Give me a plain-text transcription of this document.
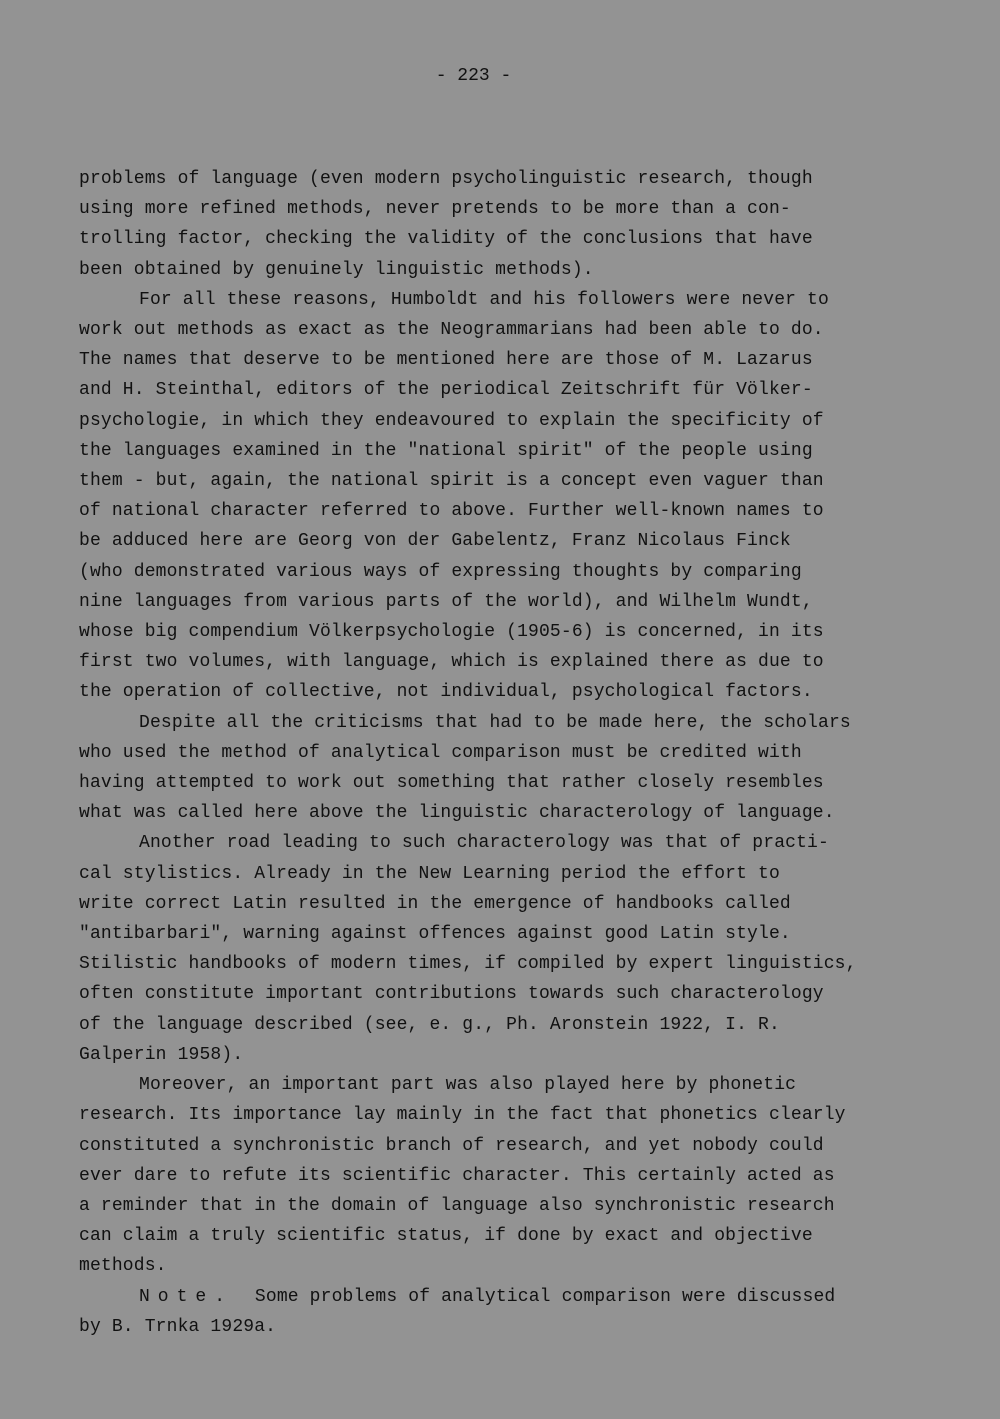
- 223 -
problems of language (even modern psycholinguistic research, though
using more refined methods, never pretends to be more than a con-
trolling factor, checking the validity of the conclusions that have
been obtained by genuinely linguistic methods).
For all these reasons, Humboldt and his followers were never to
work out methods as exact as the Neogrammarians had been able to do.
The names that deserve to be mentioned here are those of M. Lazarus
and H. Steinthal, editors of the periodical Zeitschrift für Völker-
psychologie, in which they endeavoured to explain the specificity of
the languages examined in the "national spirit" of the people using
them - but, again, the national spirit is a concept even vaguer than
of national character referred to above. Further well-known names to
be adduced here are Georg von der Gabelentz, Franz Nicolaus Finck
(who demonstrated various ways of expressing thoughts by comparing
nine languages from various parts of the world), and Wilhelm Wundt,
whose big compendium Völkerpsychologie (1905-6) is concerned, in its
first two volumes, with language, which is explained there as due to
the operation of collective, not individual, psychological factors.
Despite all the criticisms that had to be made here, the scholars
who used the method of analytical comparison must be credited with
having attempted to work out something that rather closely resembles
what was called here above the linguistic characterology of language.
Another road leading to such characterology was that of practi-
cal stylistics. Already in the New Learning period the effort to
write correct Latin resulted in the emergence of handbooks called
"antibarbari", warning against offences against good Latin style.
Stilistic handbooks of modern times, if compiled by expert linguistics,
often constitute important contributions towards such characterology
of the language described (see, e. g., Ph. Aronstein 1922, I. R.
Galperin 1958).
Moreover, an important part was also played here by phonetic
research. Its importance lay mainly in the fact that phonetics clearly
constituted a synchronistic branch of research, and yet nobody could
ever dare to refute its scientific character. This certainly acted as
a reminder that in the domain of language also synchronistic research
can claim a truly scientific status, if done by exact and objective
methods.
Note. Some problems of analytical comparison were discussed
by B. Trnka 1929a.
